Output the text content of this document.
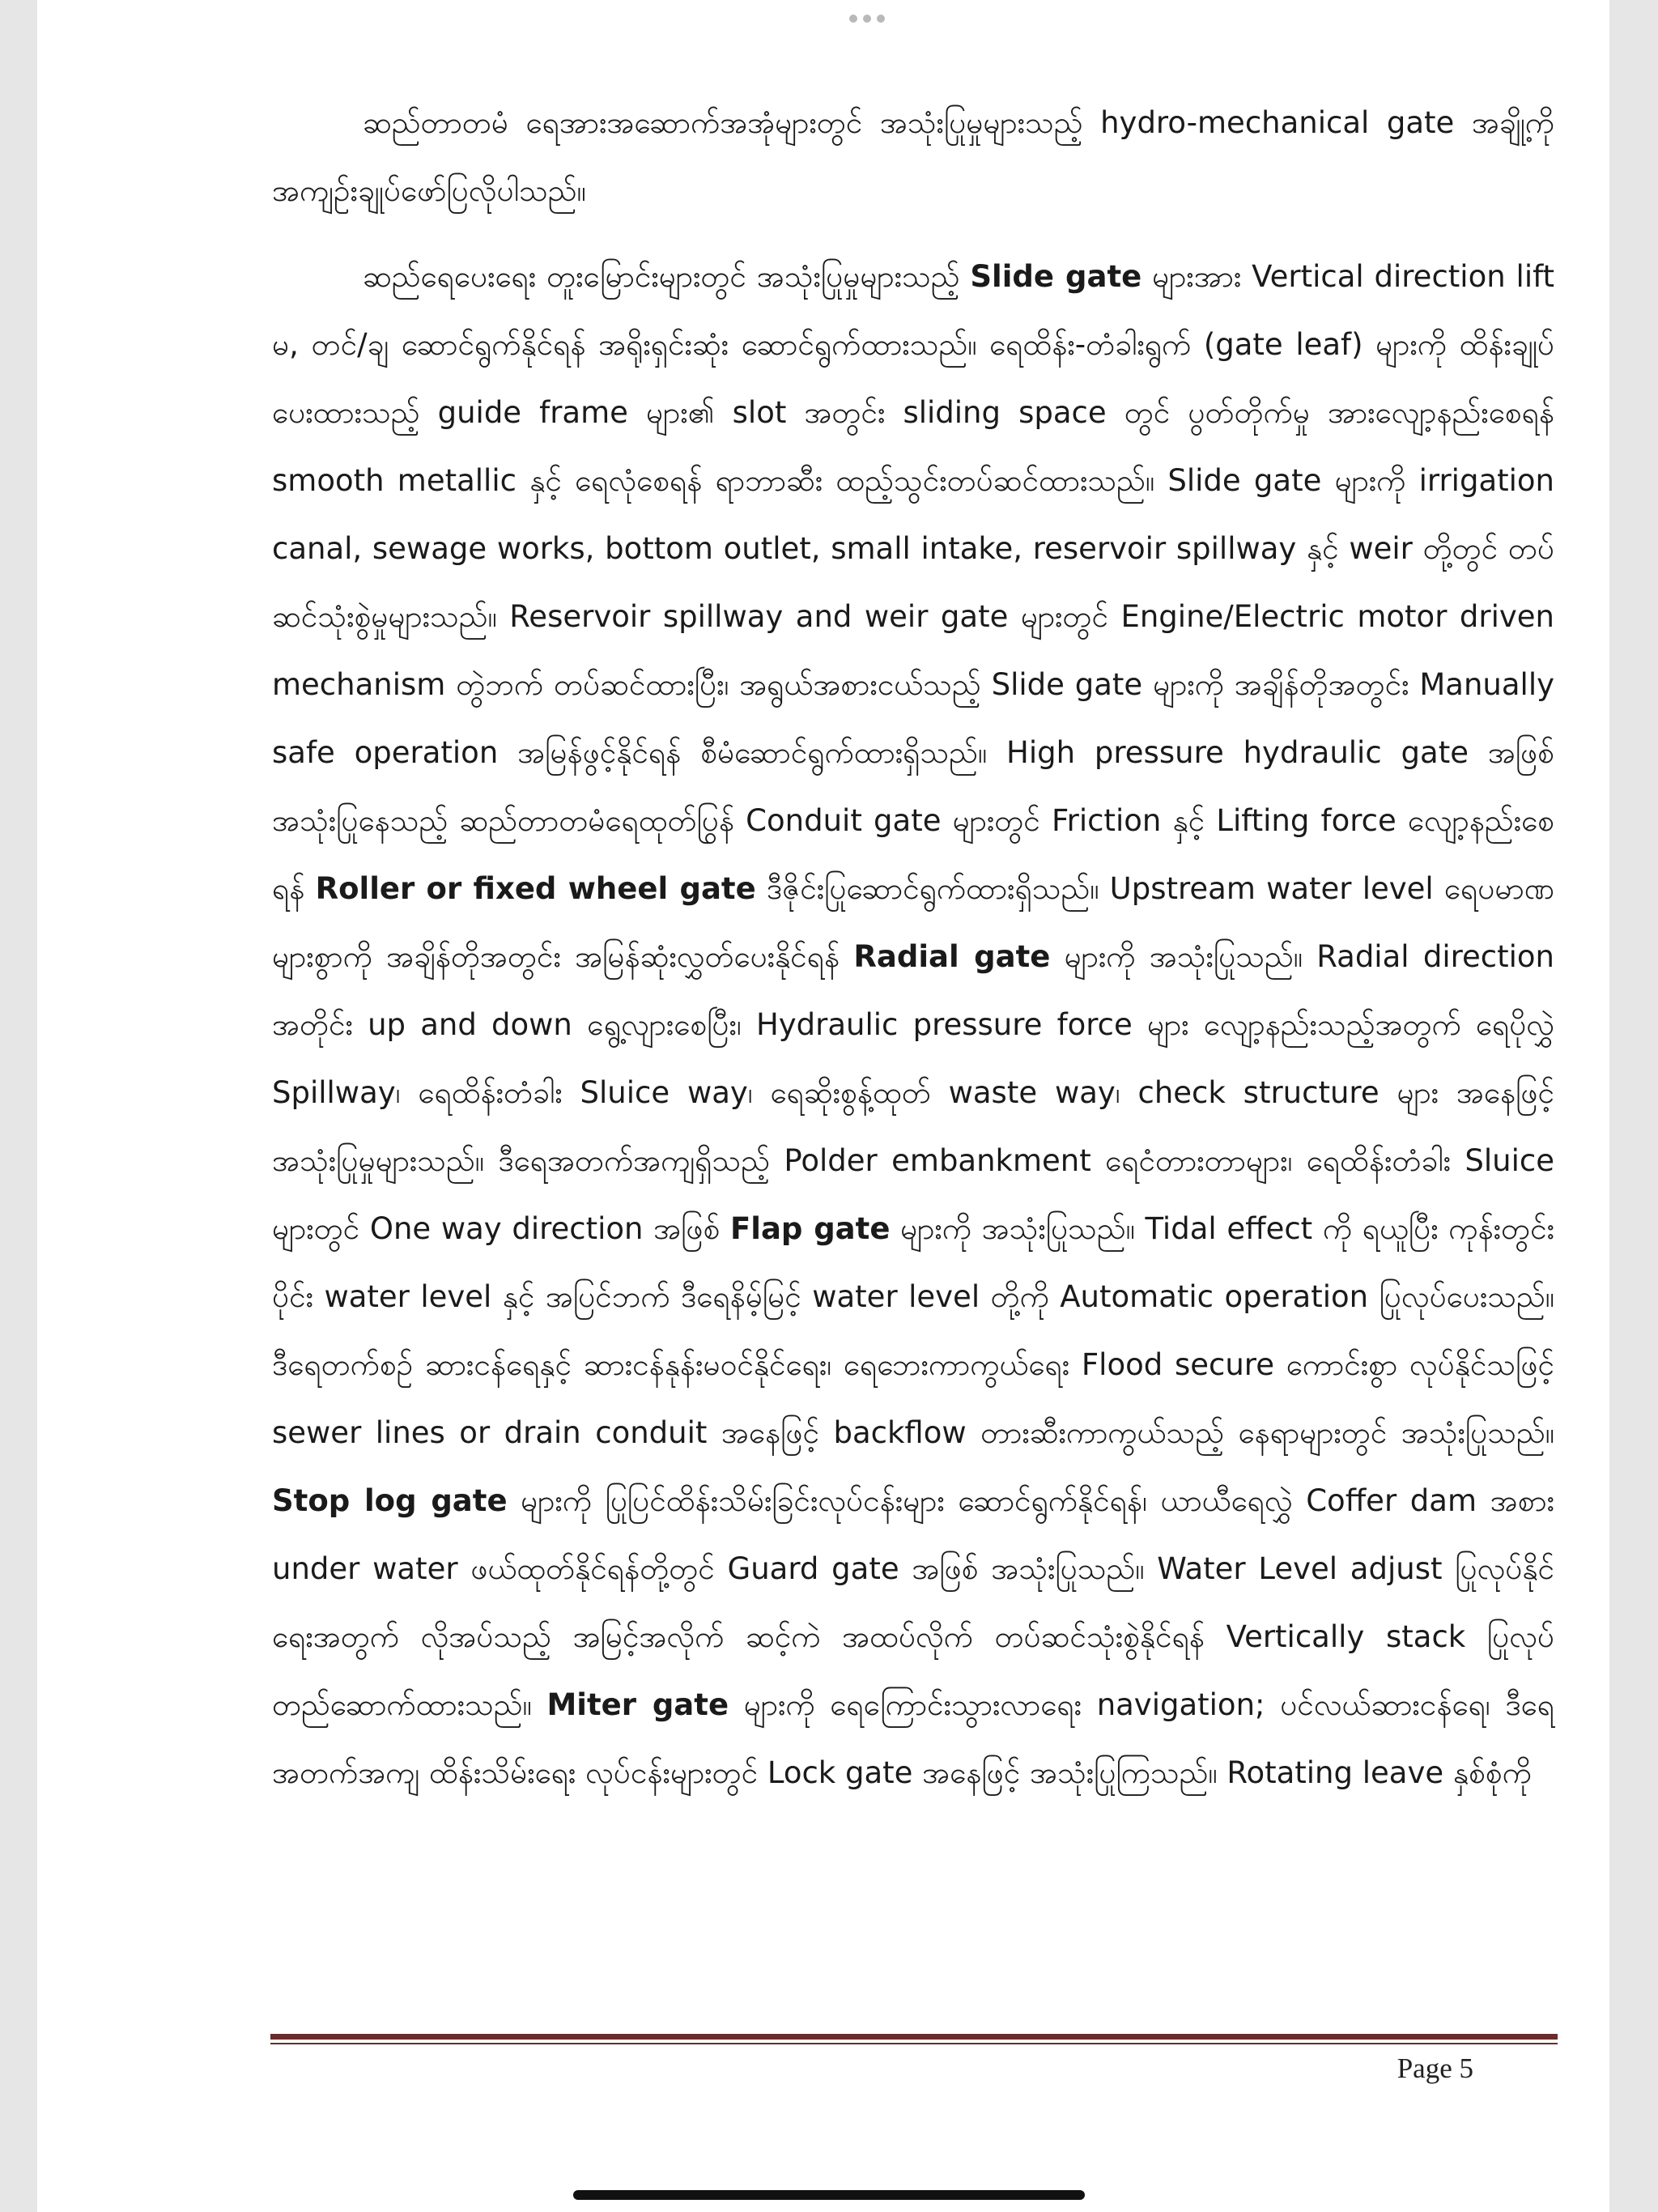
ဆည်တာတမံ ရေအားအဆောက်အအုံများတွင် အသုံးပြုမှုများသည့် hydro-mechanical gate အချို့ကို အကျဉ်းချုပ်ဖော်ပြလိုပါသည်။

ဆည်ရေပေးရေး တူးမြောင်းများတွင် အသုံးပြုမှုများသည့် Slide gate များအား Vertical direction lift မ, တင်/ချ ဆောင်ရွက်နိုင်ရန် အရိုးရှင်းဆုံး ဆောင်ရွက်ထားသည်။ ရေထိန်း-တံခါးရွက် (gate leaf) များကို ထိန်းချုပ်ပေးထားသည့် guide frame များ၏ slot အတွင်း sliding space တွင် ပွတ်တိုက်မှု အားလျော့နည်းစေရန် smooth metallic နှင့် ရေလုံစေရန် ရာဘာဆီး ထည့်သွင်းတပ်ဆင်ထားသည်။ Slide gate များကို irrigation canal, sewage works, bottom outlet, small intake, reservoir spillway နှင့် weir တို့တွင် တပ်ဆင်သုံးစွဲမှုများသည်။ Reservoir spillway and weir gate များတွင် Engine/Electric motor driven mechanism တွဲဘက် တပ်ဆင်ထားပြီး၊ အရွယ်အစားငယ်သည့် Slide gate များကို အချိန်တိုအတွင်း Manually safe operation အမြန်ဖွင့်နိုင်ရန် စီမံဆောင်ရွက်ထားရှိသည်။ High pressure hydraulic gate အဖြစ် အသုံးပြုနေသည့် ဆည်တာတမံရေထုတ်ပြွန် Conduit gate များတွင် Friction နှင့် Lifting force လျော့နည်းစေရန် Roller or fixed wheel gate ဒီဇိုင်းပြုဆောင်ရွက်ထားရှိသည်။ Upstream water level ရေပမာဏများစွာကို အချိန်တိုအတွင်း အမြန်ဆုံးလွှတ်ပေးနိုင်ရန် Radial gate များကို အသုံးပြုသည်။ Radial direction အတိုင်း up and down ရွေ့လျားစေပြီး၊ Hydraulic pressure force များ လျော့နည်းသည့်အတွက် ရေပိုလွှဲ Spillway၊ ရေထိန်းတံခါး Sluice way၊ ရေဆိုးစွန့်ထုတ် waste way၊ check structure များ အနေဖြင့် အသုံးပြုမှုများသည်။ ဒီရေအတက်အကျရှိသည့် Polder embankment ရေငံတားတာများ၊ ရေထိန်းတံခါး Sluice များတွင် One way direction အဖြစ် Flap gate များကို အသုံးပြုသည်။ Tidal effect ကို ရယူပြီး ကုန်းတွင်းပိုင်း water level နှင့် အပြင်ဘက် ဒီရေနိမ့်မြင့် water level တို့ကို Automatic operation ပြုလုပ်ပေးသည်။ ဒီရေတက်စဉ် ဆားငန်ရေနှင့် ဆားငန်နုန်းမဝင်နိုင်ရေး၊ ရေဘေးကာကွယ်ရေး Flood secure ကောင်းစွာ လုပ်နိုင်သဖြင့် sewer lines or drain conduit အနေဖြင့် backflow တားဆီးကာကွယ်သည့် နေရာများတွင် အသုံးပြုသည်။ Stop log gate များကို ပြုပြင်ထိန်းသိမ်းခြင်းလုပ်ငန်းများ ဆောင်ရွက်နိုင်ရန်၊ ယာယီရေလွှဲ Coffer dam အစား under water ဖယ်ထုတ်နိုင်ရန်တို့တွင် Guard gate အဖြစ် အသုံးပြုသည်။ Water Level adjust ပြုလုပ်နိုင်ရေးအတွက် လိုအပ်သည့် အမြင့်အလိုက် ဆင့်ကဲ အထပ်လိုက် တပ်ဆင်သုံးစွဲနိုင်ရန် Vertically stack ပြုလုပ်တည်ဆောက်ထားသည်။ Miter gate များကို ရေကြောင်းသွားလာရေး navigation; ပင်လယ်ဆားငန်ရေ၊ ဒီရေအတက်အကျ ထိန်းသိမ်းရေး လုပ်ငန်းများတွင် Lock gate အနေဖြင့် အသုံးပြုကြသည်။ Rotating leave နှစ်စုံကို

Page 5
